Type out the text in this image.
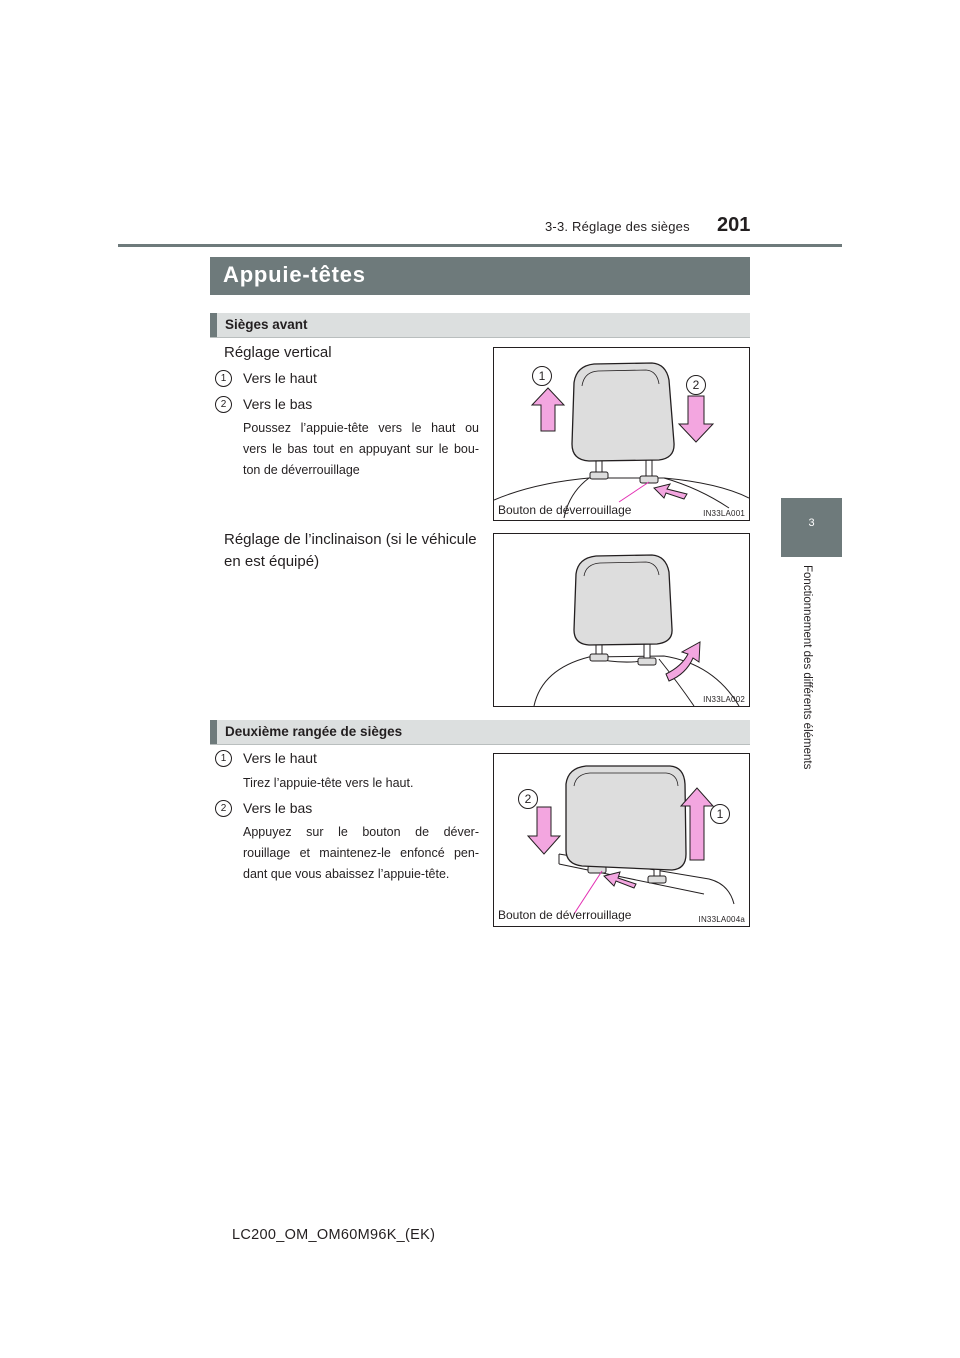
3-3. Réglage des sièges 201
3
Fonctionnement des différents éléments
Appuie-têtes
Sièges avant
Réglage vertical
1	Vers le haut
2	Vers le bas
Poussez l’appuie-tête vers le haut ou
vers le bas tout en appuyant sur le bou-
ton de déverrouillage
Réglage de l’inclinaison (si le véhicule
en est équipé)
1
2
Bouton de déverrouillage	IN33LA001
IN33LA002
Deuxième rangée de sièges
1	Vers le haut
Tirez l’appuie-tête vers le haut.
2	Vers le bas
Appuyez sur le bouton de déver-
rouillage et maintenez-le enfoncé pen-
dant que vous abaissez l’appuie-tête.
2
1
Bouton de déverrouillage	IN33LA004a
LC200_OM_OM60M96K_(EK)
